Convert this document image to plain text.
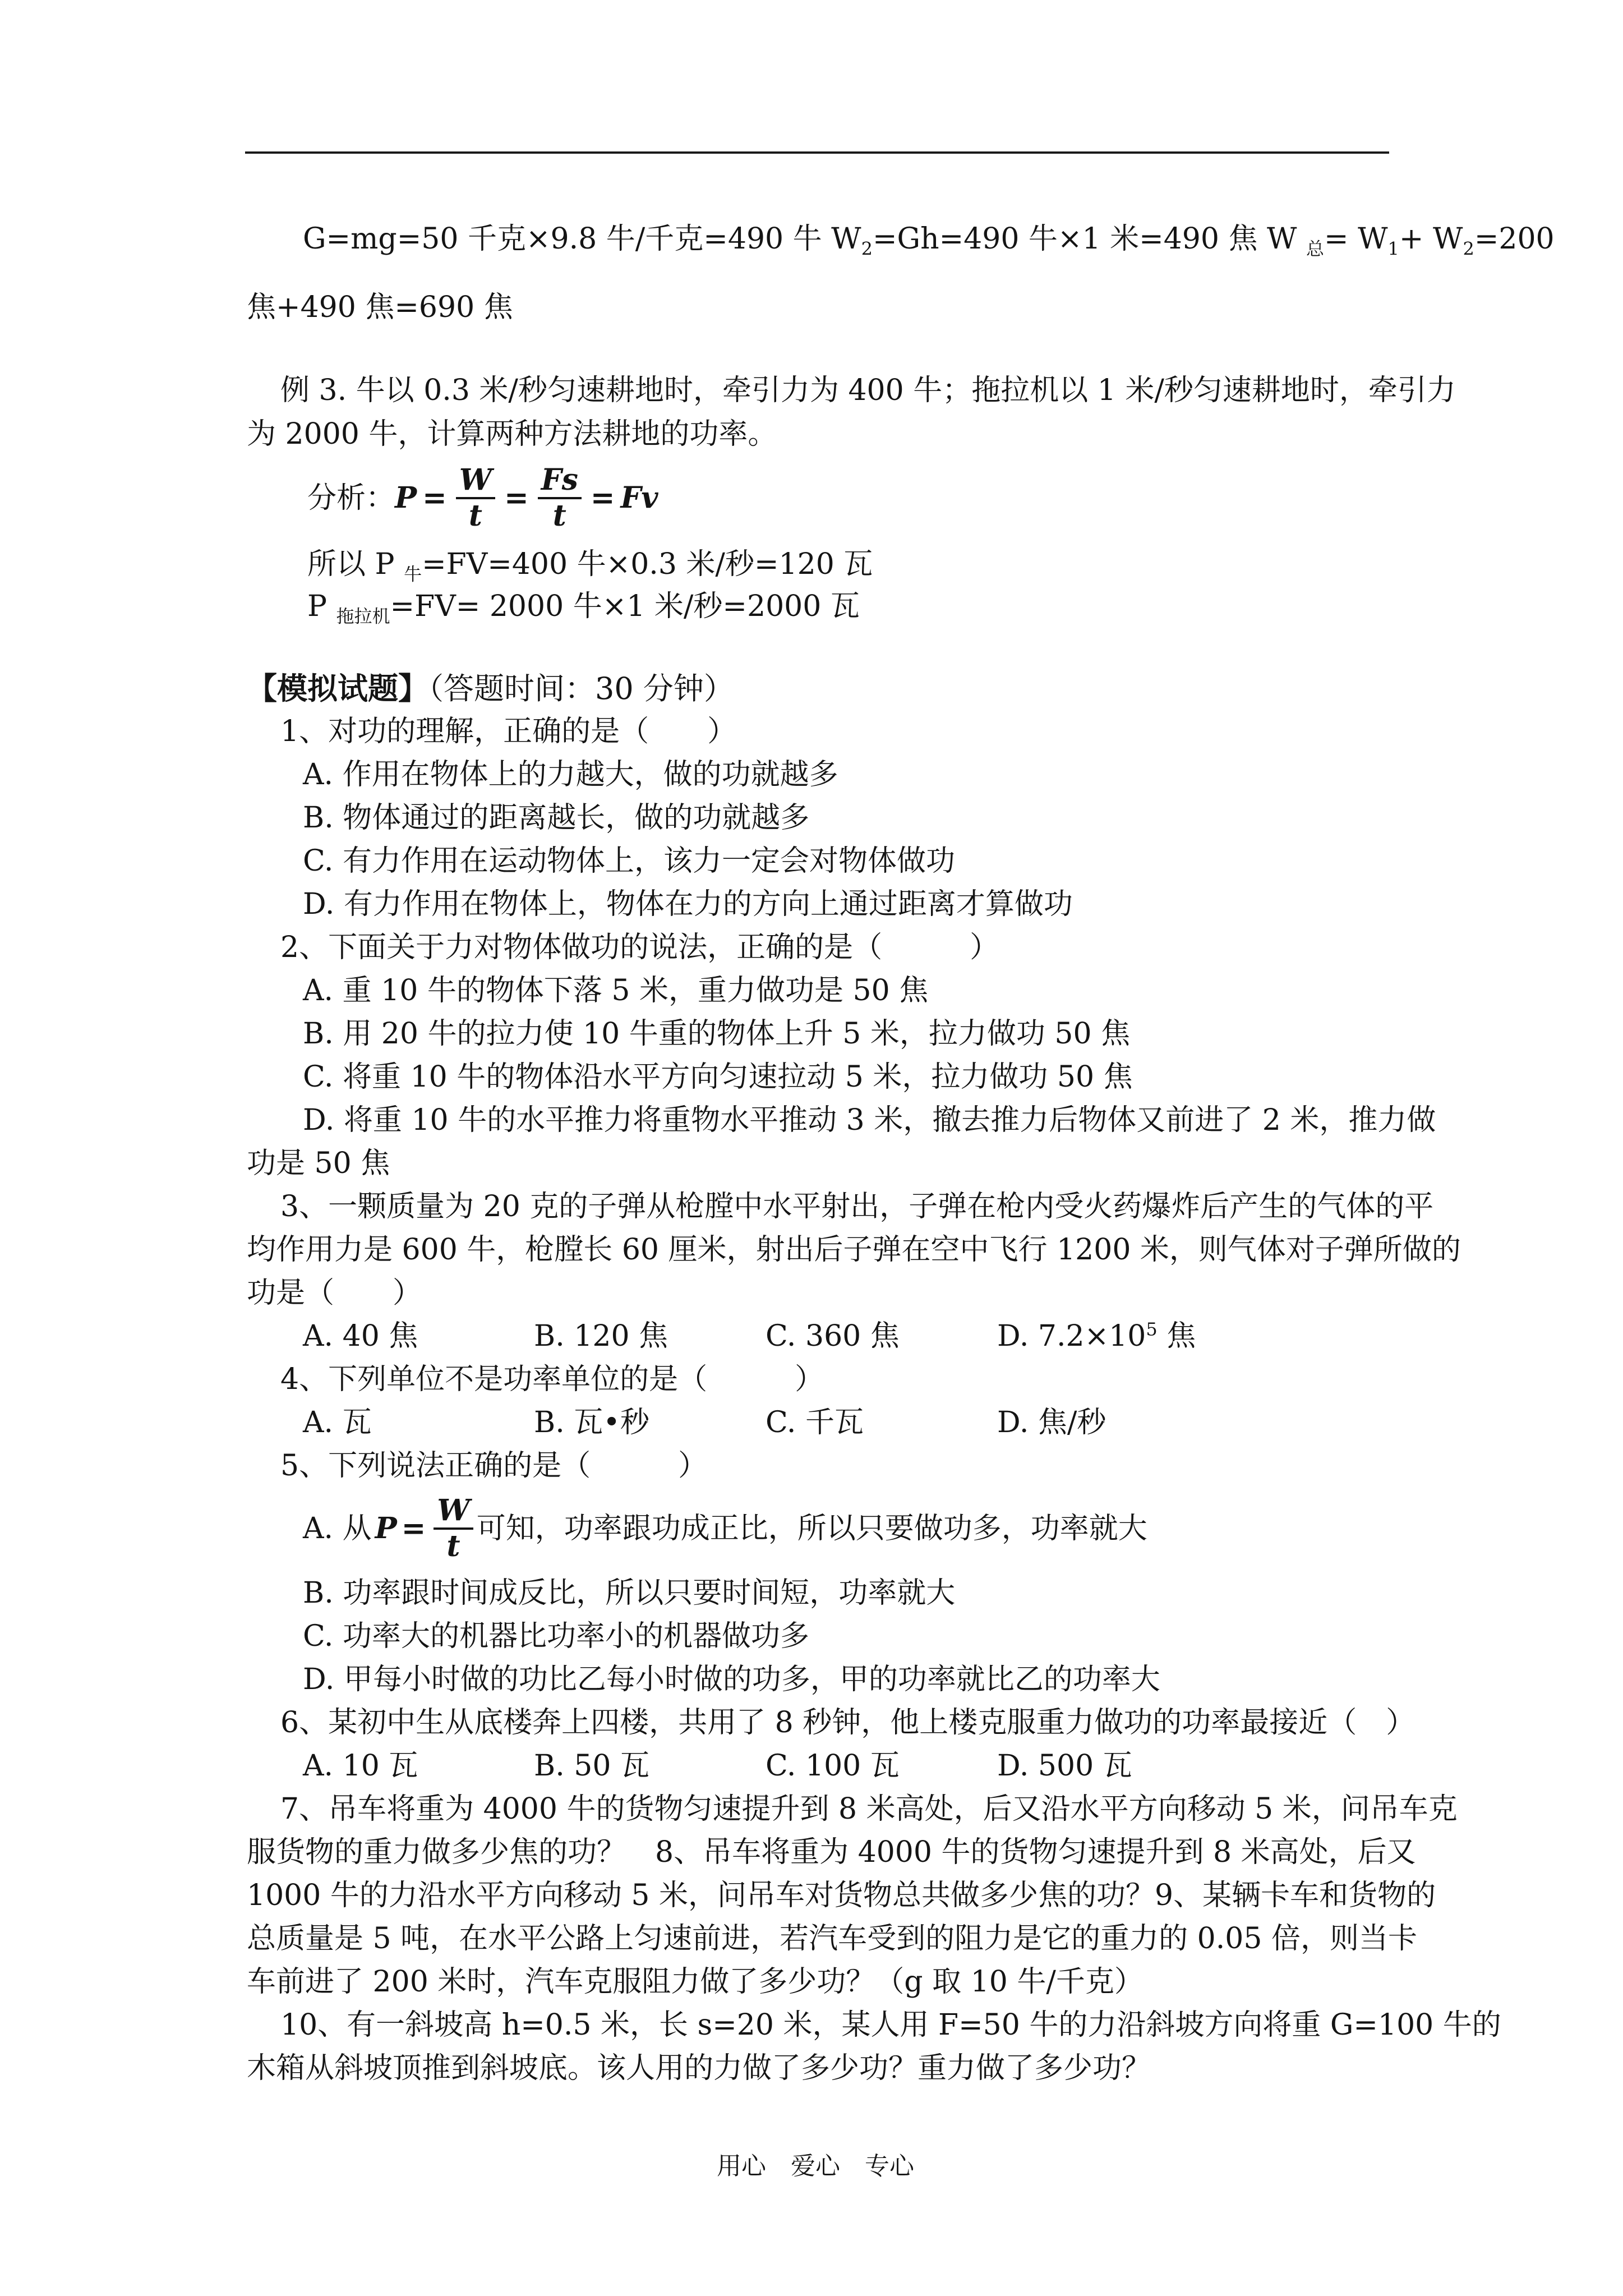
G=mg=50 千克×9.8 牛/千克=490 牛 $W_2=Gh=490$ 牛×1 米=490 焦 W $_总= W_1+ W_2=200$
焦+490 焦=690 焦
例 3. 牛以 0.3 米/秒匀速耕地时，牵引力为 400 牛；拖拉机以 1 米/秒匀速耕地时，牵引力
为 2000 牛，计算两种方法耕地的功率。
分析： $P = \frac{W}{t} = \frac{Fs}{t} = Fv$
所以 P $_牛$=FV=400 牛×0.3 米/秒=120 瓦
P $_{拖拉机}$=FV= 2000 牛×1 米/秒=2000 瓦
【模拟试题】（答题时间：30 分钟）
1、对功的理解，正确的是（　　）
A. 作用在物体上的力越大，做的功就越多
B. 物体通过的距离越长，做的功就越多
C. 有力作用在运动物体上，该力一定会对物体做功
D. 有力作用在物体上，物体在力的方向上通过距离才算做功
2、下面关于力对物体做功的说法，正确的是（　　　）
A. 重 10 牛的物体下落 5 米，重力做功是 50 焦
B. 用 20 牛的拉力使 10 牛重的物体上升 5 米，拉力做功 50 焦
C. 将重 10 牛的物体沿水平方向匀速拉动 5 米，拉力做功 50 焦
D. 将重 10 牛的水平推力将重物水平推动 3 米，撤去推力后物体又前进了 2 米，推力做
功是 50 焦
3、一颗质量为 20 克的子弹从枪膛中水平射出，子弹在枪内受火药爆炸后产生的气体的平
均作用力是 600 牛，枪膛长 60 厘米，射出后子弹在空中飞行 1200 米，则气体对子弹所做的
功是（　　）
A. 40 焦	B. 120 焦	C. 360 焦	D. $7.2\times 10^5$ 焦
4、下列单位不是功率单位的是（　　　）
A. 瓦	B. 瓦•秒	C. 千瓦	D. 焦/秒
5、下列说法正确的是（　　　）
A. 从 $P = \frac{W}{t}$ 可知，功率跟功成正比，所以只要做功多，功率就大
B. 功率跟时间成反比，所以只要时间短，功率就大
C. 功率大的机器比功率小的机器做功多
D. 甲每小时做的功比乙每小时做的功多，甲的功率就比乙的功率大
6、某初中生从底楼奔上四楼，共用了 8 秒钟，他上楼克服重力做功的功率最接近（　）
A. 10 瓦	B. 50 瓦	C. 100 瓦	D. 500 瓦
7、吊车将重为 4000 牛的货物匀速提升到 8 米高处，后又沿水平方向移动 5 米，问吊车克
服货物的重力做多少焦的功？　8、吊车将重为 4000 牛的货物匀速提升到 8 米高处，后又
1000 牛的力沿水平方向移动 5 米，问吊车对货物总共做多少焦的功？9、某辆卡车和货物的
总质量是 5 吨，在水平公路上匀速前进，若汽车受到的阻力是它的重力的 0.05 倍，则当卡
车前进了 200 米时，汽车克服阻力做了多少功？（g 取 10 牛/千克）
10、有一斜坡高 h=0.5 米，长 s=20 米，某人用 F=50 牛的力沿斜坡方向将重 G=100 牛的
木箱从斜坡顶推到斜坡底。该人用的力做了多少功？重力做了多少功？
用心　爱心　专心
